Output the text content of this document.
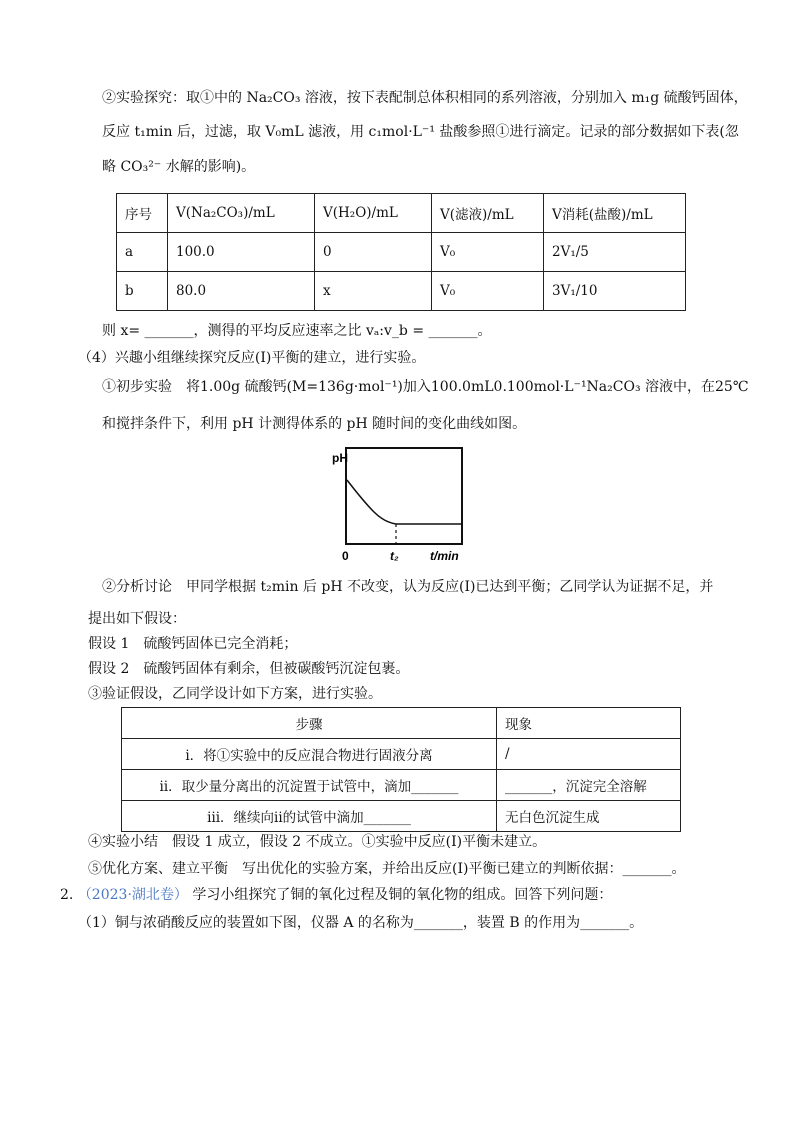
②实验探究：取①中的 Na₂CO₃ 溶液，按下表配制总体积相同的系列溶液，分别加入 m₁g 硫酸钙固体，
反应 t₁min 后，过滤，取 V₀mL 滤液，用 c₁mol·L⁻¹ 盐酸参照①进行滴定。记录的部分数据如下表(忽
略 CO₃²⁻ 水解的影响)。
序号	V(Na₂CO₃)/mL	V(H₂O)/mL	V(滤液)/mL	V消耗(盐酸)/mL
a	100.0	0	V₀	2V₁/5
b	80.0	x	V₀	3V₁/10
则 x= _______，测得的平均反应速率之比 vₐ:v_b = _______。
（4）兴趣小组继续探究反应(Ⅰ)平衡的建立，进行实验。
①初步实验　将1.00g 硫酸钙(M=136g·mol⁻¹)加入100.0mL0.100mol·L⁻¹Na₂CO₃ 溶液中，在25℃
和搅拌条件下，利用 pH 计测得体系的 pH 随时间的变化曲线如图。
pH
0	t₂	t/min
②分析讨论　甲同学根据 t₂min 后 pH 不改变，认为反应(Ⅰ)已达到平衡；乙同学认为证据不足，并
提出如下假设：
假设 1　硫酸钙固体已完全消耗；
假设 2　硫酸钙固体有剩余，但被碳酸钙沉淀包裹。
③验证假设，乙同学设计如下方案，进行实验。
步骤	现象
ⅰ．将①实验中的反应混合物进行固液分离	/
ⅱ．取少量分离出的沉淀置于试管中，滴加_______	_______，沉淀完全溶解
ⅲ．继续向ⅱ的试管中滴加_______	无白色沉淀生成
④实验小结　假设 1 成立，假设 2 不成立。①实验中反应(Ⅰ)平衡未建立。
⑤优化方案、建立平衡　写出优化的实验方案，并给出反应(Ⅰ)平衡已建立的判断依据：_______。
2. （2023·湖北卷） 学习小组探究了铜的氧化过程及铜的氧化物的组成。回答下列问题：
（1）铜与浓硝酸反应的装置如下图，仪器 A 的名称为_______，装置 B 的作用为_______。
